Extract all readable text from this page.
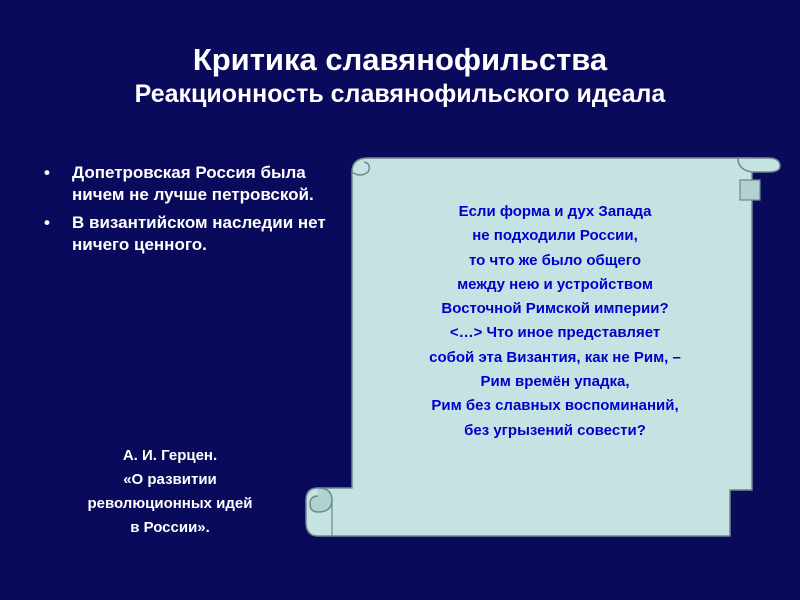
Критика славянофильства
Реакционность славянофильского идеала
• Допетровская Россия была ничем не лучше петровской.
• В византийском наследии нет ничего ценного.
А. И. Герцен.
«О развитии
революционных идей
в России».
Если форма и дух Запада
не подходили России,
то что же было общего
между нею и устройством
Восточной Римской империи?
<…> Что иное представляет
собой эта Византия, как не Рим, –
Рим времён упадка,
Рим без славных воспоминаний,
без угрызений совести?
